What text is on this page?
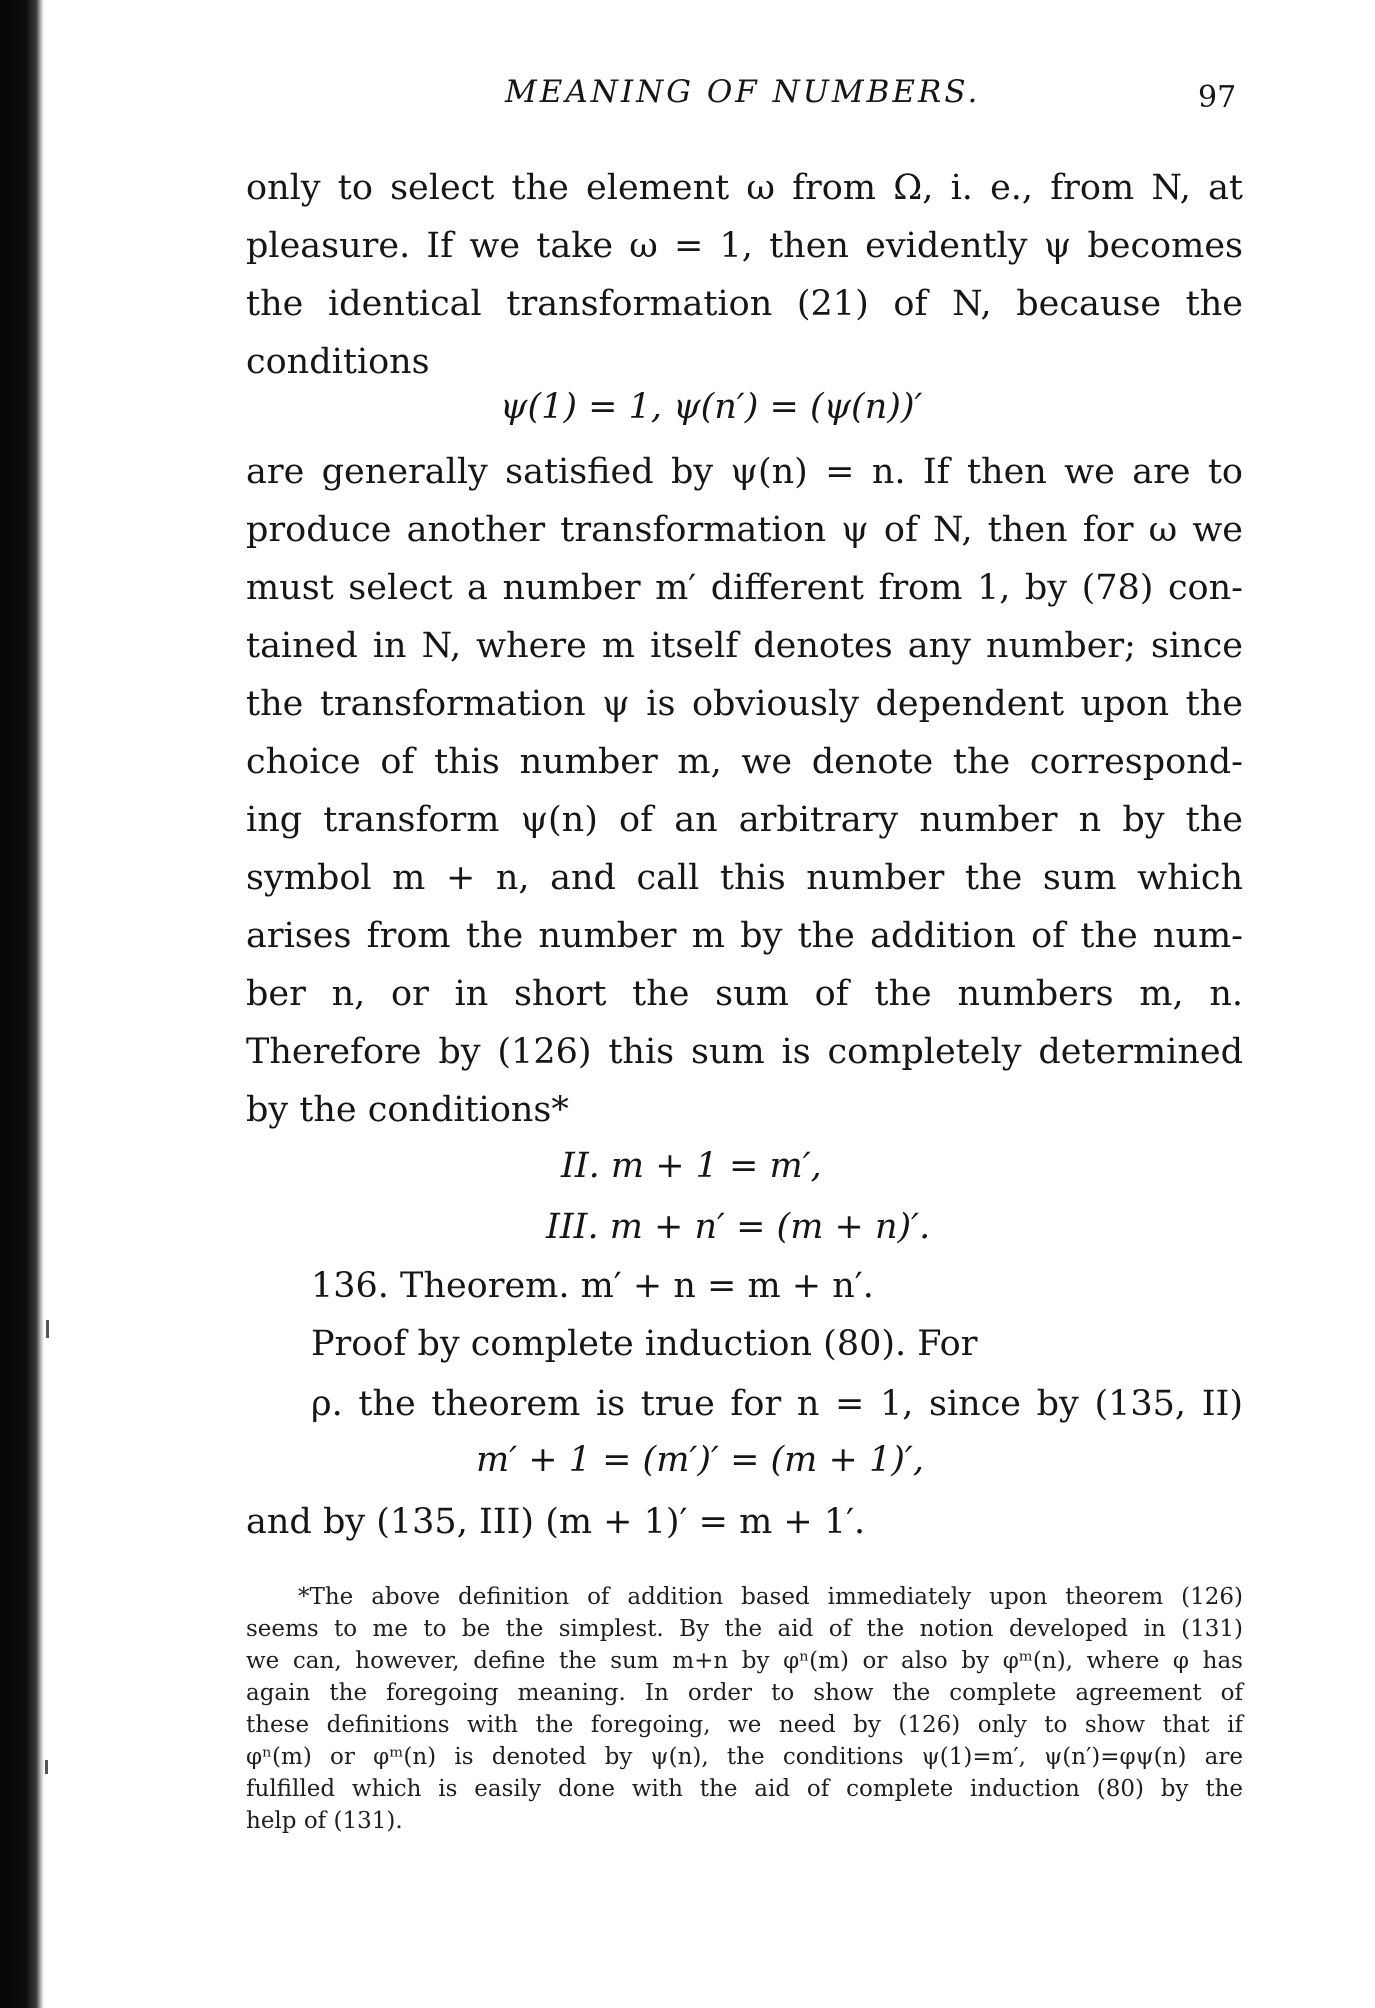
MEANING OF NUMBERS.	97
only to select the element ω from Ω, i. e., from N, at
pleasure. If we take ω = 1, then evidently ψ becomes
the identical transformation (21) of N, because the
conditions
ψ(1) = 1, ψ(n′) = (ψ(n))′
are generally satisfied by ψ(n) = n. If then we are to
produce another transformation ψ of N, then for ω we
must select a number m′ different from 1, by (78) con-
tained in N, where m itself denotes any number; since
the transformation ψ is obviously dependent upon the
choice of this number m, we denote the correspond-
ing transform ψ(n) of an arbitrary number n by the
symbol m + n, and call this number the sum which
arises from the number m by the addition of the num-
ber n, or in short the sum of the numbers m, n.
Therefore by (126) this sum is completely determined
by the conditions*
II. m + 1 = m′,
III. m + n′ = (m + n)′.
136. Theorem. m′ + n = m + n′.
Proof by complete induction (80). For
ρ. the theorem is true for n = 1, since by (135, II)
m′ + 1 = (m′)′ = (m + 1)′,
and by (135, III) (m + 1)′ = m + 1′.
*The above definition of addition based immediately upon theorem (126)
seems to me to be the simplest. By the aid of the notion developed in (131)
we can, however, define the sum m+n by φⁿ(m) or also by φᵐ(n), where φ has
again the foregoing meaning. In order to show the complete agreement of
these definitions with the foregoing, we need by (126) only to show that if
φⁿ(m) or φᵐ(n) is denoted by ψ(n), the conditions ψ(1)=m′, ψ(n′)=φψ(n) are
fulfilled which is easily done with the aid of complete induction (80) by the
help of (131).
